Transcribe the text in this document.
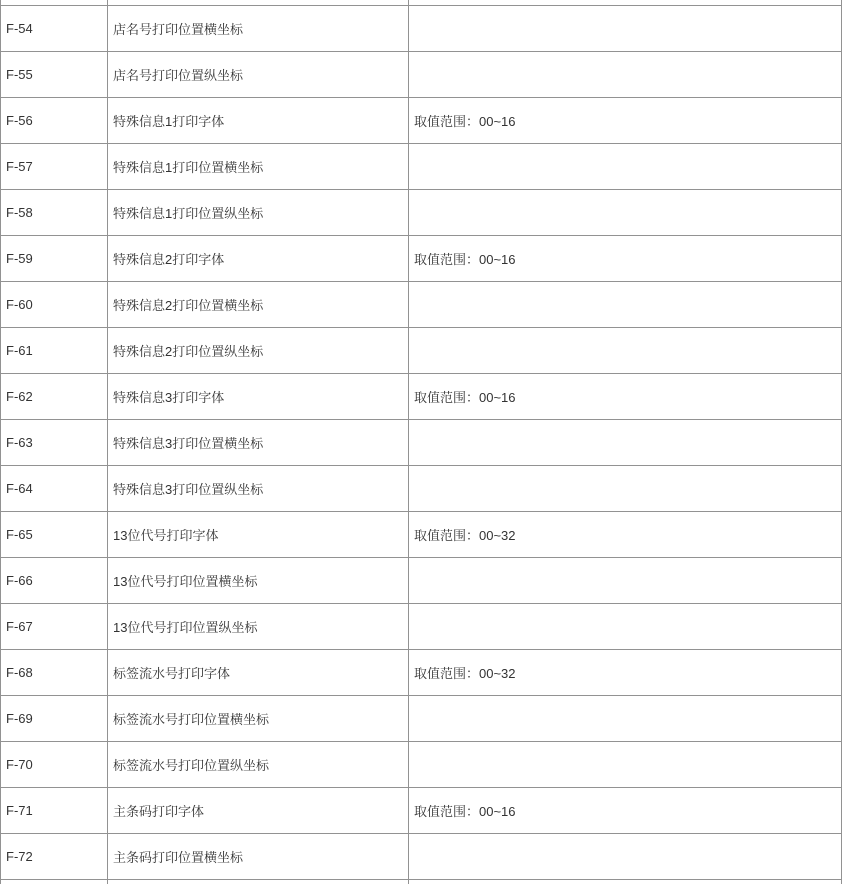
F-54	店名号打印位置横坐标	
F-55	店名号打印位置纵坐标	
F-56	特殊信息1打印字体	取值范围：00~16
F-57	特殊信息1打印位置横坐标	
F-58	特殊信息1打印位置纵坐标	
F-59	特殊信息2打印字体	取值范围：00~16
F-60	特殊信息2打印位置横坐标	
F-61	特殊信息2打印位置纵坐标	
F-62	特殊信息3打印字体	取值范围：00~16
F-63	特殊信息3打印位置横坐标	
F-64	特殊信息3打印位置纵坐标	
F-65	13位代号打印字体	取值范围：00~32
F-66	13位代号打印位置横坐标	
F-67	13位代号打印位置纵坐标	
F-68	标签流水号打印字体	取值范围：00~32
F-69	标签流水号打印位置横坐标	
F-70	标签流水号打印位置纵坐标	
F-71	主条码打印字体	取值范围：00~16
F-72	主条码打印位置横坐标	
